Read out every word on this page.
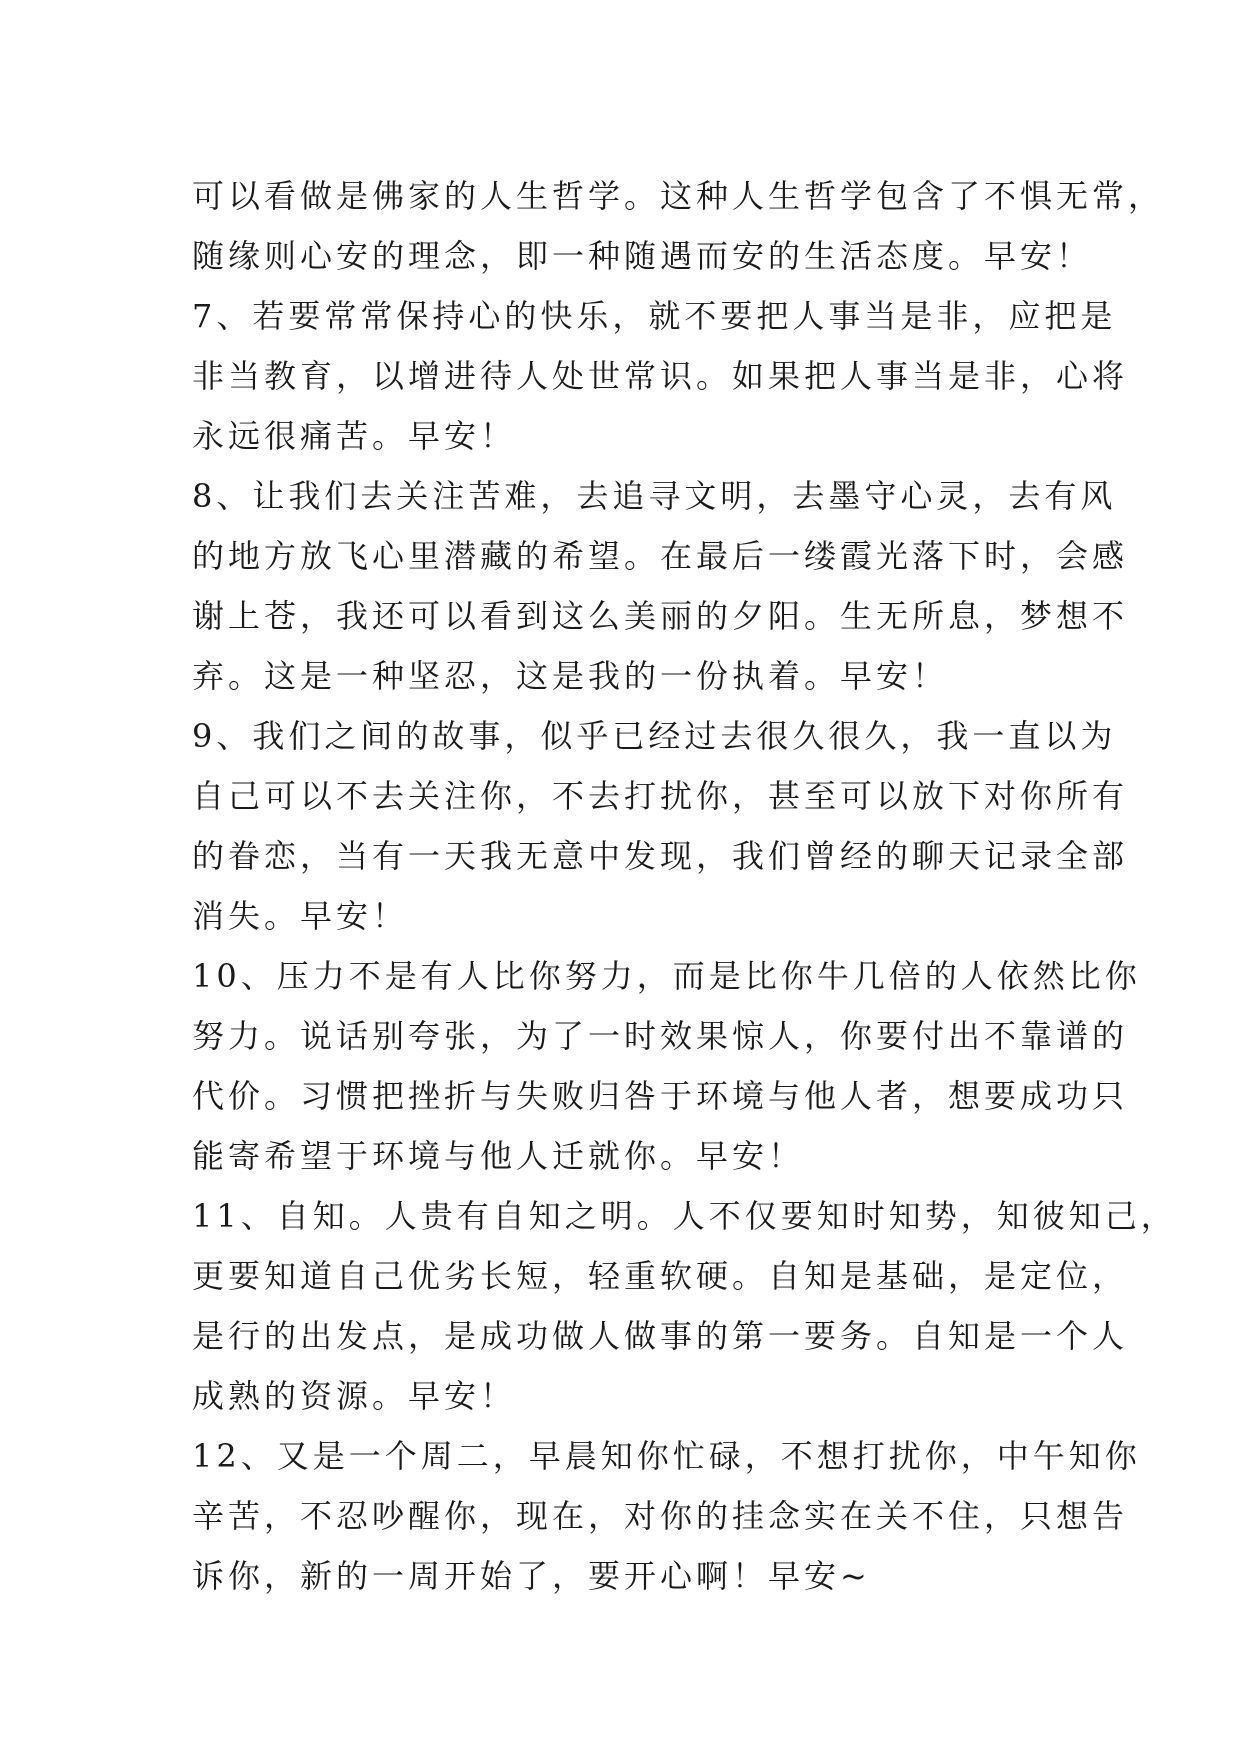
可以看做是佛家的人生哲学。这种人生哲学包含了不惧无常，
随缘则心安的理念，即一种随遇而安的生活态度。早安！
7、若要常常保持心的快乐，就不要把人事当是非，应把是
非当教育，以增进待人处世常识。如果把人事当是非，心将
永远很痛苦。早安！
8、让我们去关注苦难，去追寻文明，去墨守心灵，去有风
的地方放飞心里潜藏的希望。在最后一缕霞光落下时，会感
谢上苍，我还可以看到这么美丽的夕阳。生无所息，梦想不
弃。这是一种坚忍，这是我的一份执着。早安！
9、我们之间的故事，似乎已经过去很久很久，我一直以为
自己可以不去关注你，不去打扰你，甚至可以放下对你所有
的眷恋，当有一天我无意中发现，我们曾经的聊天记录全部
消失。早安！
10、压力不是有人比你努力，而是比你牛几倍的人依然比你
努力。说话别夸张，为了一时效果惊人，你要付出不靠谱的
代价。习惯把挫折与失败归咎于环境与他人者，想要成功只
能寄希望于环境与他人迁就你。早安！
11、自知。人贵有自知之明。人不仅要知时知势，知彼知己，
更要知道自己优劣长短，轻重软硬。自知是基础，是定位，
是行的出发点，是成功做人做事的第一要务。自知是一个人
成熟的资源。早安！
12、又是一个周二，早晨知你忙碌，不想打扰你，中午知你
辛苦，不忍吵醒你，现在，对你的挂念实在关不住，只想告
诉你，新的一周开始了，要开心啊！早安~
